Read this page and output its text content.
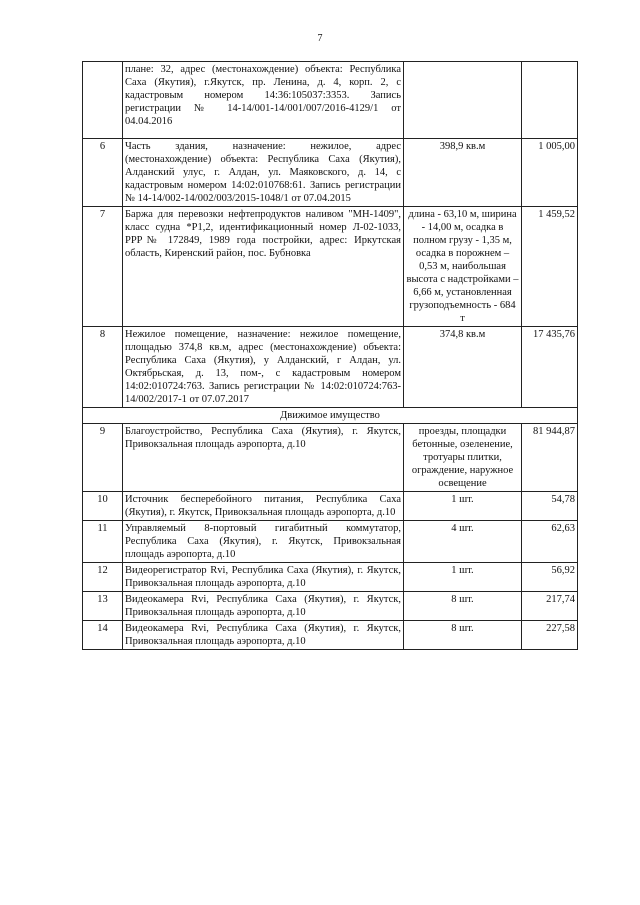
7
	плане: 32, адрес (местонахождение) объекта: Республика Саха (Якутия), г.Якутск, пр. Ленина, д. 4, корп. 2, с кадастровым номером 14:36:105037:3353. Запись регистрации № 14-14/001-14/001/007/2016-4129/1 от 04.04.2016		
6	Часть здания, назначение: нежилое, адрес (местонахождение) объекта: Республика Саха (Якутия), Алданский улус, г. Алдан, ул. Маяковского, д. 14, с кадастровым номером 14:02:010768:61. Запись регистрации № 14-14/002-14/002/003/2015-1048/1 от 07.04.2015	398,9 кв.м	1 005,00
7	Баржа для перевозки нефтепродуктов наливом "МН-1409", класс судна *Р1,2, идентификационный номер Л-02-1033, РРР№ 172849, 1989 года постройки, адрес: Иркутская область, Киренский район, пос. Бубновка	длина - 63,10 м, ширина - 14,00 м, осадка в полном грузу - 1,35 м, осадка в порожнем – 0,53 м, наибольшая высота с надстройками – 6,66 м, установленная грузоподъемность - 684 т	1 459,52
8	Нежилое помещение, назначение: нежилое помещение, площадью 374,8 кв.м, адрес (местонахождение) объекта: Республика Саха (Якутия), у Алданский, г Алдан, ул. Октябрьская, д. 13, пом-, с кадастровым номером 14:02:010724:763. Запись регистрации № 14:02:010724:763-14/002/2017-1 от 07.07.2017	374,8 кв.м	17 435,76
Движимое имущество			
9	Благоустройство, Республика Саха (Якутия), г. Якутск, Привокзальная площадь аэропорта, д.10	проезды, площадки бетонные, озеленение, тротуары плитки, ограждение, наружное освещение	81 944,87
10	Источник бесперебойного питания, Республика Саха (Якутия), г. Якутск, Привокзальная площадь аэропорта, д.10	1 шт.	54,78
11	Управляемый 8-портовый гигабитный коммутатор, Республика Саха (Якутия), г. Якутск, Привокзальная площадь аэропорта, д.10	4 шт.	62,63
12	Видеорегистратор Rvi, Республика Саха (Якутия), г. Якутск, Привокзальная площадь аэропорта, д.10	1 шт.	56,92
13	Видеокамера Rvi, Республика Саха (Якутия), г. Якутск, Привокзальная площадь аэропорта, д.10	8 шт.	217,74
14	Видеокамера Rvi, Республика Саха (Якутия), г. Якутск, Привокзальная площадь аэропорта, д.10	8 шт.	227,58
